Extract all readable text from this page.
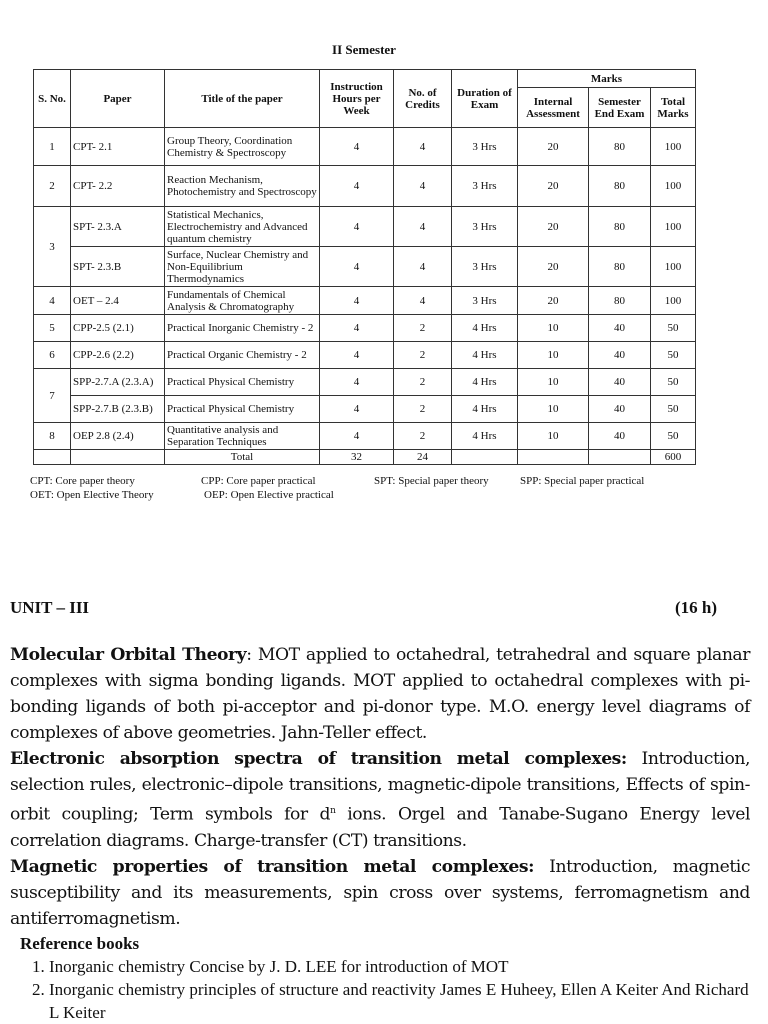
II Semester
S. No.	Paper	Title of the paper	Instruction Hours per Week	No. of Credits	Duration of Exam	Marks		
						Internal Assessment	Semester End Exam	Total Marks
1	CPT- 2.1	Group Theory, Coordination Chemistry & Spectroscopy	4	4	3 Hrs	20	80	100
2	CPT- 2.2	Reaction Mechanism, Photochemistry and Spectroscopy	4	4	3 Hrs	20	80	100
3	SPT- 2.3.A	Statistical Mechanics, Electrochemistry and Advanced quantum chemistry	4	4	3 Hrs	20	80	100
	SPT- 2.3.B	Surface, Nuclear Chemistry and Non-Equilibrium Thermodynamics	4	4	3 Hrs	20	80	100
4	OET – 2.4	Fundamentals of Chemical Analysis & Chromatography	4	4	3 Hrs	20	80	100
5	CPP-2.5 (2.1)	Practical Inorganic Chemistry - 2	4	2	4 Hrs	10	40	50
6	CPP-2.6 (2.2)	Practical Organic Chemistry - 2	4	2	4 Hrs	10	40	50
7	SPP-2.7.A (2.3.A)	Practical Physical Chemistry	4	2	4 Hrs	10	40	50
	SPP-2.7.B (2.3.B)	Practical Physical Chemistry	4	2	4 Hrs	10	40	50
8	OEP 2.8 (2.4)	Quantitative analysis and Separation Techniques	4	2	4 Hrs	10	40	50
		Total	32	24				600
CPT: Core paper theory
OET: Open Elective Theory
CPP: Core paper practical
OEP: Open Elective practical
SPT: Special paper theory	SPP: Special paper practical
UNIT – III	(16 h)

Molecular Orbital Theory: MOT applied to octahedral, tetrahedral and square planar complexes with sigma bonding ligands. MOT applied to octahedral complexes with pi-bonding ligands of both pi-acceptor and pi-donor type. M.O. energy level diagrams of complexes of above geometries. Jahn-Teller effect.

Electronic absorption spectra of transition metal complexes: Introduction, selection rules, electronic–dipole transitions, magnetic-dipole transitions, Effects of spin-orbit coupling; Term symbols for $d^n$ ions. Orgel and Tanabe-Sugano Energy level correlation diagrams. Charge-transfer (CT) transitions.

Magnetic properties of transition metal complexes: Introduction, magnetic susceptibility and its measurements, spin cross over systems, ferromagnetism and antiferromagnetism.

Reference books
1. Inorganic chemistry Concise by J. D. LEE for introduction of MOT
2. Inorganic chemistry principles of structure and reactivity James E Huheey, Ellen A Keiter And Richard L Keiter
